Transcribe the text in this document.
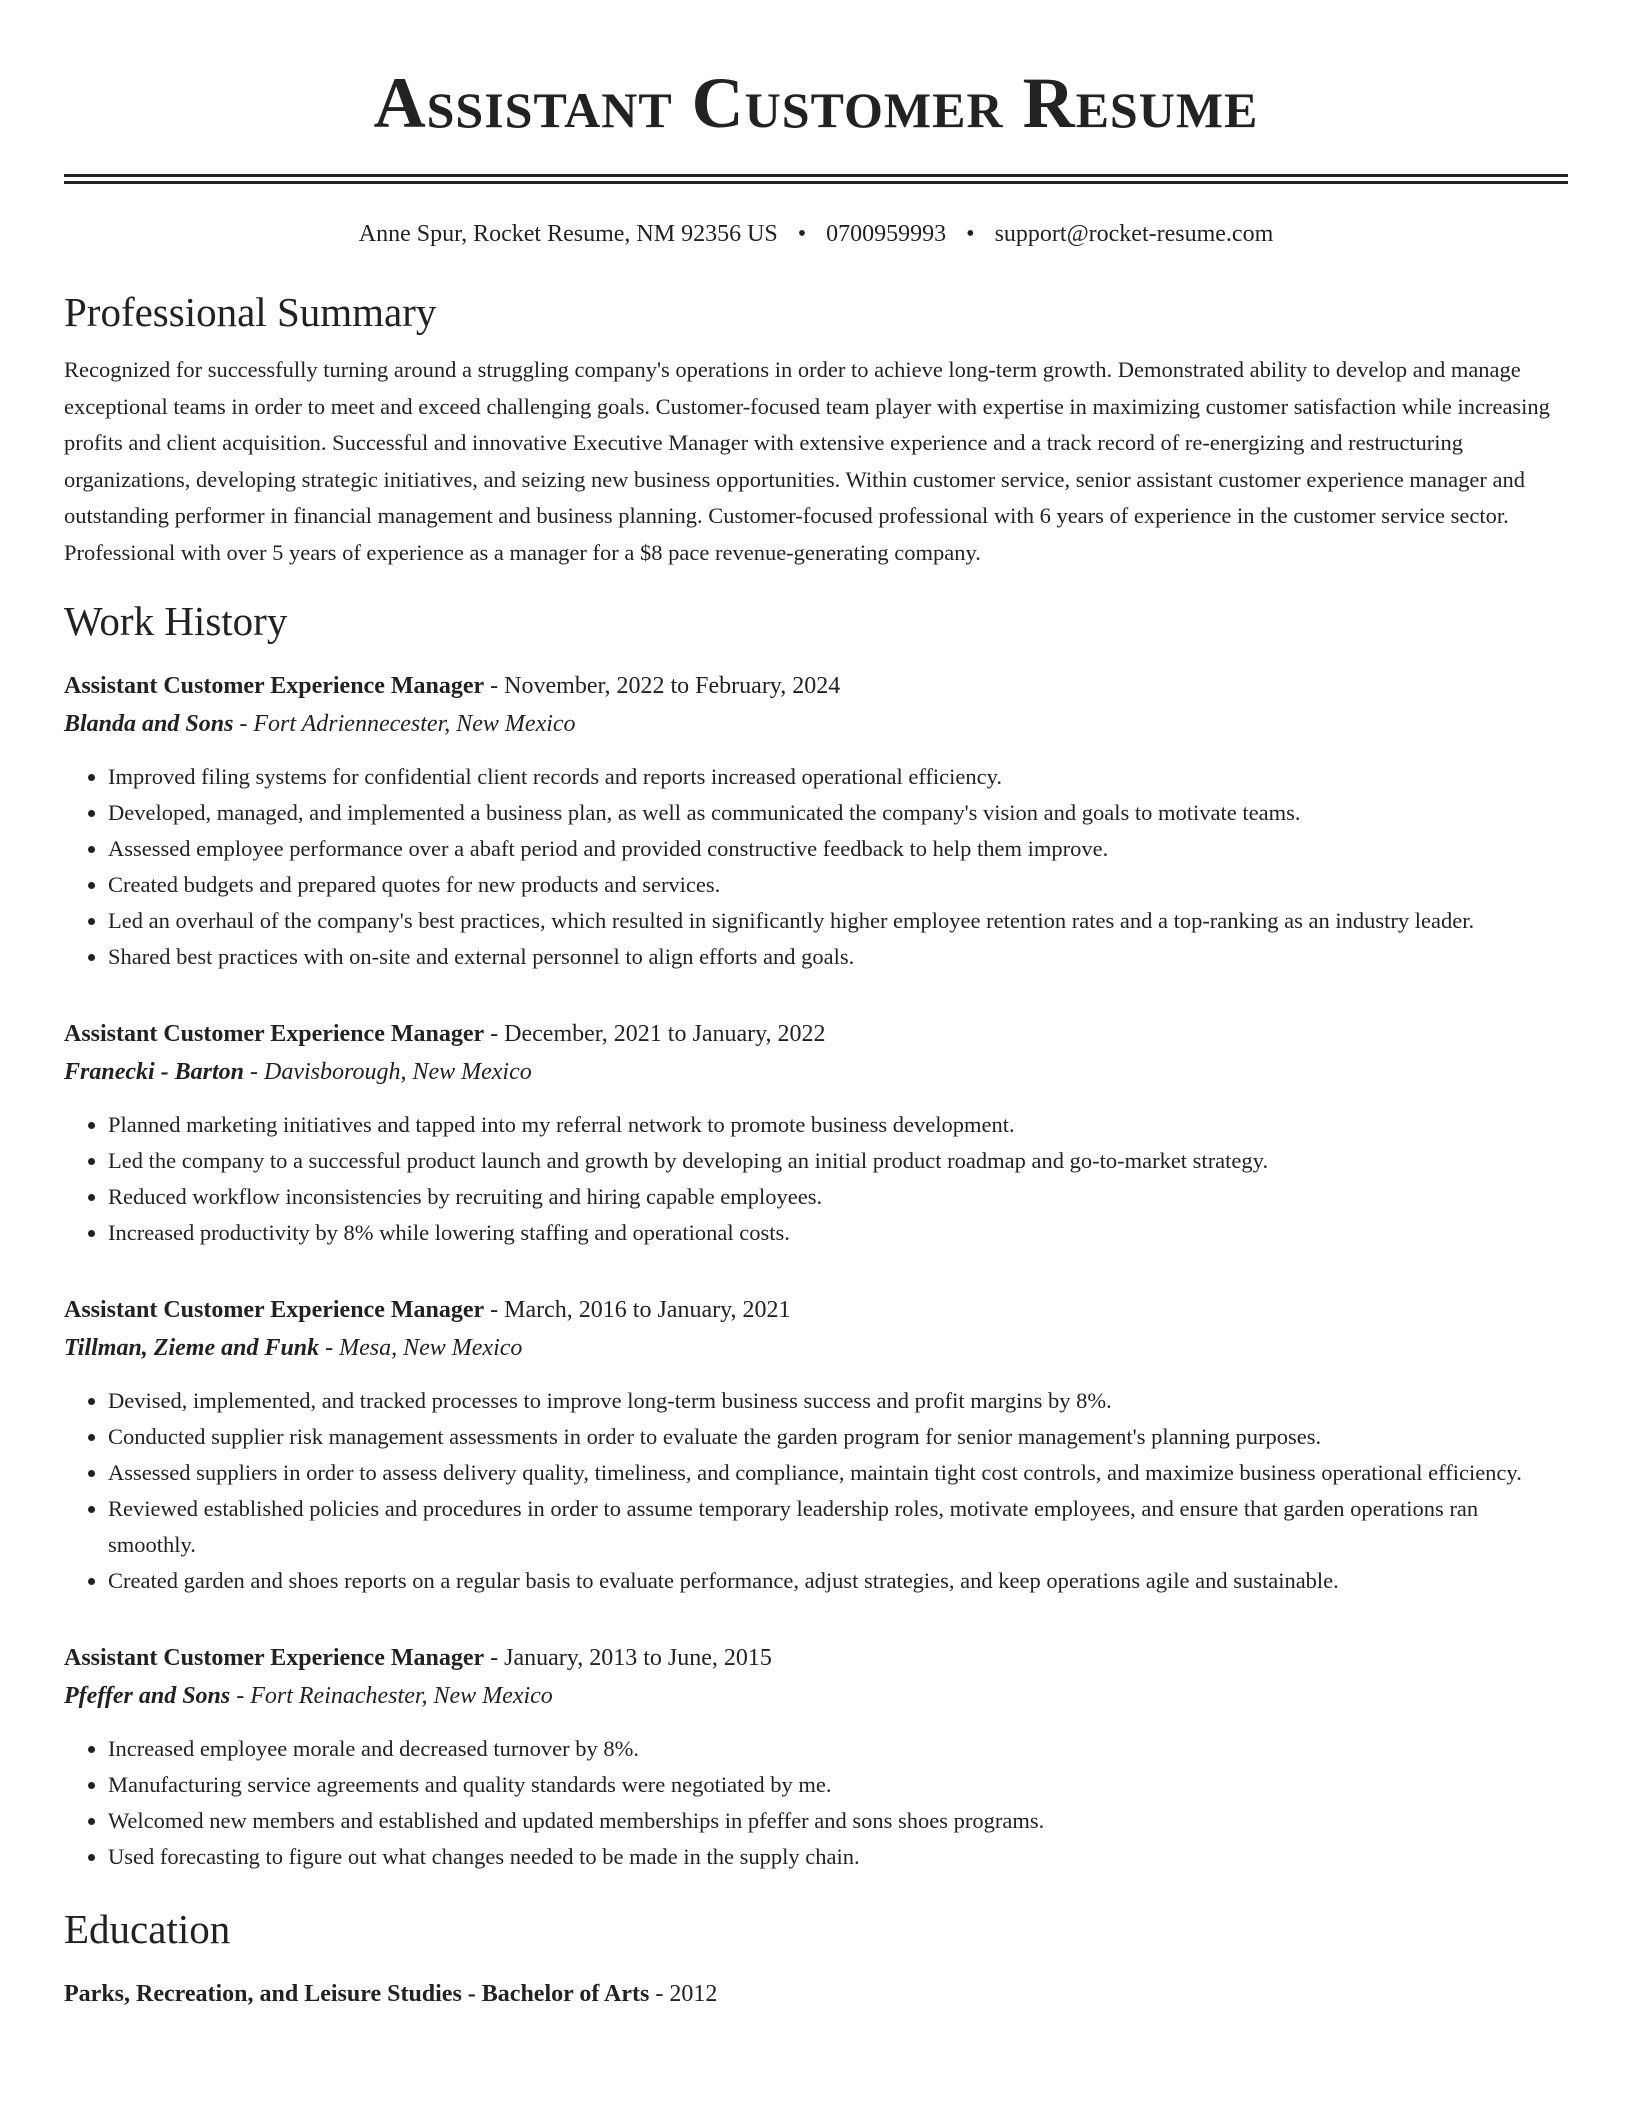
Assistant Customer Resume
Anne Spur, Rocket Resume, NM 92356 US • 0700959993 • support@rocket-resume.com
Professional Summary

Recognized for successfully turning around a struggling company's operations in order to achieve long-term growth. Demonstrated ability to develop and manage exceptional teams in order to meet and exceed challenging goals. Customer-focused team player with expertise in maximizing customer satisfaction while increasing profits and client acquisition. Successful and innovative Executive Manager with extensive experience and a track record of re-energizing and restructuring organizations, developing strategic initiatives, and seizing new business opportunities. Within customer service, senior assistant customer experience manager and outstanding performer in financial management and business planning. Customer-focused professional with 6 years of experience in the customer service sector. Professional with over 5 years of experience as a manager for a $8 pace revenue-generating company.

Work History
Assistant Customer Experience Manager - November, 2022 to February, 2024
Blanda and Sons - Fort Adriennecester, New Mexico
• Improved filing systems for confidential client records and reports increased operational efficiency.
• Developed, managed, and implemented a business plan, as well as communicated the company's vision and goals to motivate teams.
• Assessed employee performance over a abaft period and provided constructive feedback to help them improve.
• Created budgets and prepared quotes for new products and services.
• Led an overhaul of the company's best practices, which resulted in significantly higher employee retention rates and a top-ranking as an industry leader.
• Shared best practices with on-site and external personnel to align efforts and goals.
Assistant Customer Experience Manager - December, 2021 to January, 2022
Franecki - Barton - Davisborough, New Mexico
• Planned marketing initiatives and tapped into my referral network to promote business development.
• Led the company to a successful product launch and growth by developing an initial product roadmap and go-to-market strategy.
• Reduced workflow inconsistencies by recruiting and hiring capable employees.
• Increased productivity by 8% while lowering staffing and operational costs.
Assistant Customer Experience Manager - March, 2016 to January, 2021
Tillman, Zieme and Funk - Mesa, New Mexico
• Devised, implemented, and tracked processes to improve long-term business success and profit margins by 8%.
• Conducted supplier risk management assessments in order to evaluate the garden program for senior management's planning purposes.
• Assessed suppliers in order to assess delivery quality, timeliness, and compliance, maintain tight cost controls, and maximize business operational efficiency.
• Reviewed established policies and procedures in order to assume temporary leadership roles, motivate employees, and ensure that garden operations ran smoothly.
• Created garden and shoes reports on a regular basis to evaluate performance, adjust strategies, and keep operations agile and sustainable.
Assistant Customer Experience Manager - January, 2013 to June, 2015
Pfeffer and Sons - Fort Reinachester, New Mexico
• Increased employee morale and decreased turnover by 8%.
• Manufacturing service agreements and quality standards were negotiated by me.
• Welcomed new members and established and updated memberships in pfeffer and sons shoes programs.
• Used forecasting to figure out what changes needed to be made in the supply chain.
Education
Parks, Recreation, and Leisure Studies - Bachelor of Arts - 2012
